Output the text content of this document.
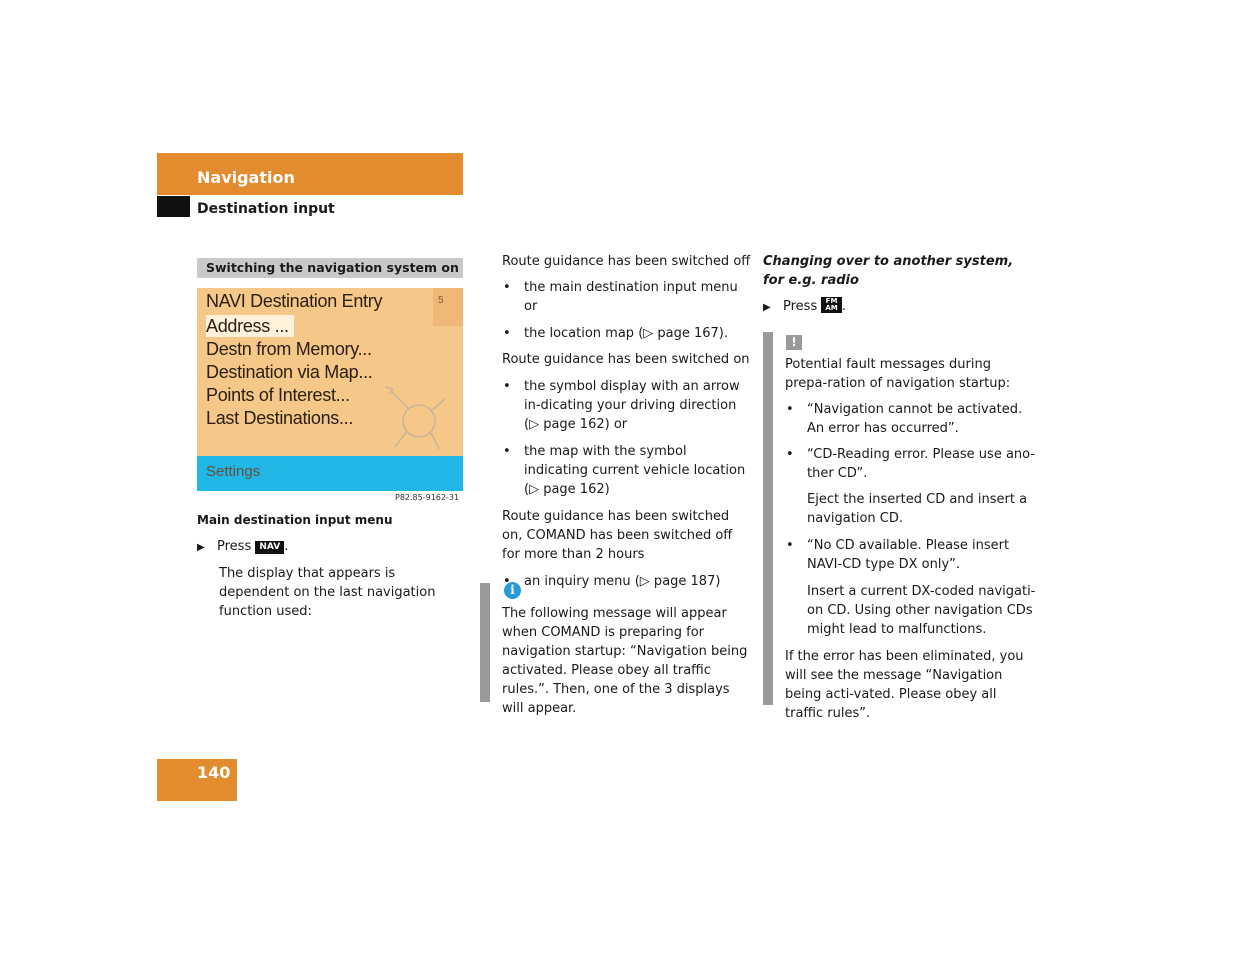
Navigation
Destination input
Switching the navigation system on
5
NAVI Destination Entry
Address ...
Destn from Memory...
Destination via Map...
Points of Interest...
Last Destinations...
Settings
P82.85-9162-31
Main destination input menu
▶ Press NAV .
The display that appears is dependent on the last navigation function used:

Route guidance has been switched off

• the main destination input menu or

• the location map (▷ page 167).

Route guidance has been switched on

• the symbol display with an arrow in-dicating your driving direction (▷ page 162) or

• the map with the symbol indicating current vehicle location (▷ page 162)

Route guidance has been switched on, COMAND has been switched off for more than 2 hours

• an inquiry menu (▷ page 187)

i
The following message will appear when COMAND is preparing for navigation startup: “Navigation being activated. Please obey all traffic rules.”. Then, one of the 3 displays will appear.
Changing over to another system, for e.g. radio
▶ Press FM
AM .
!

Potential fault messages during prepa-ration of navigation startup:

• “Navigation cannot be activated. An error has occurred”.

• “CD-Reading error. Please use ano-ther CD”.

Eject the inserted CD and insert a navigation CD.

• “No CD available. Please insert NAVI-CD type DX only”.

Insert a current DX-coded navigati-on CD. Using other navigation CDs might lead to malfunctions.

If the error has been eliminated, you will see the message “Navigation being acti-vated. Please obey all traffic rules”.

140
